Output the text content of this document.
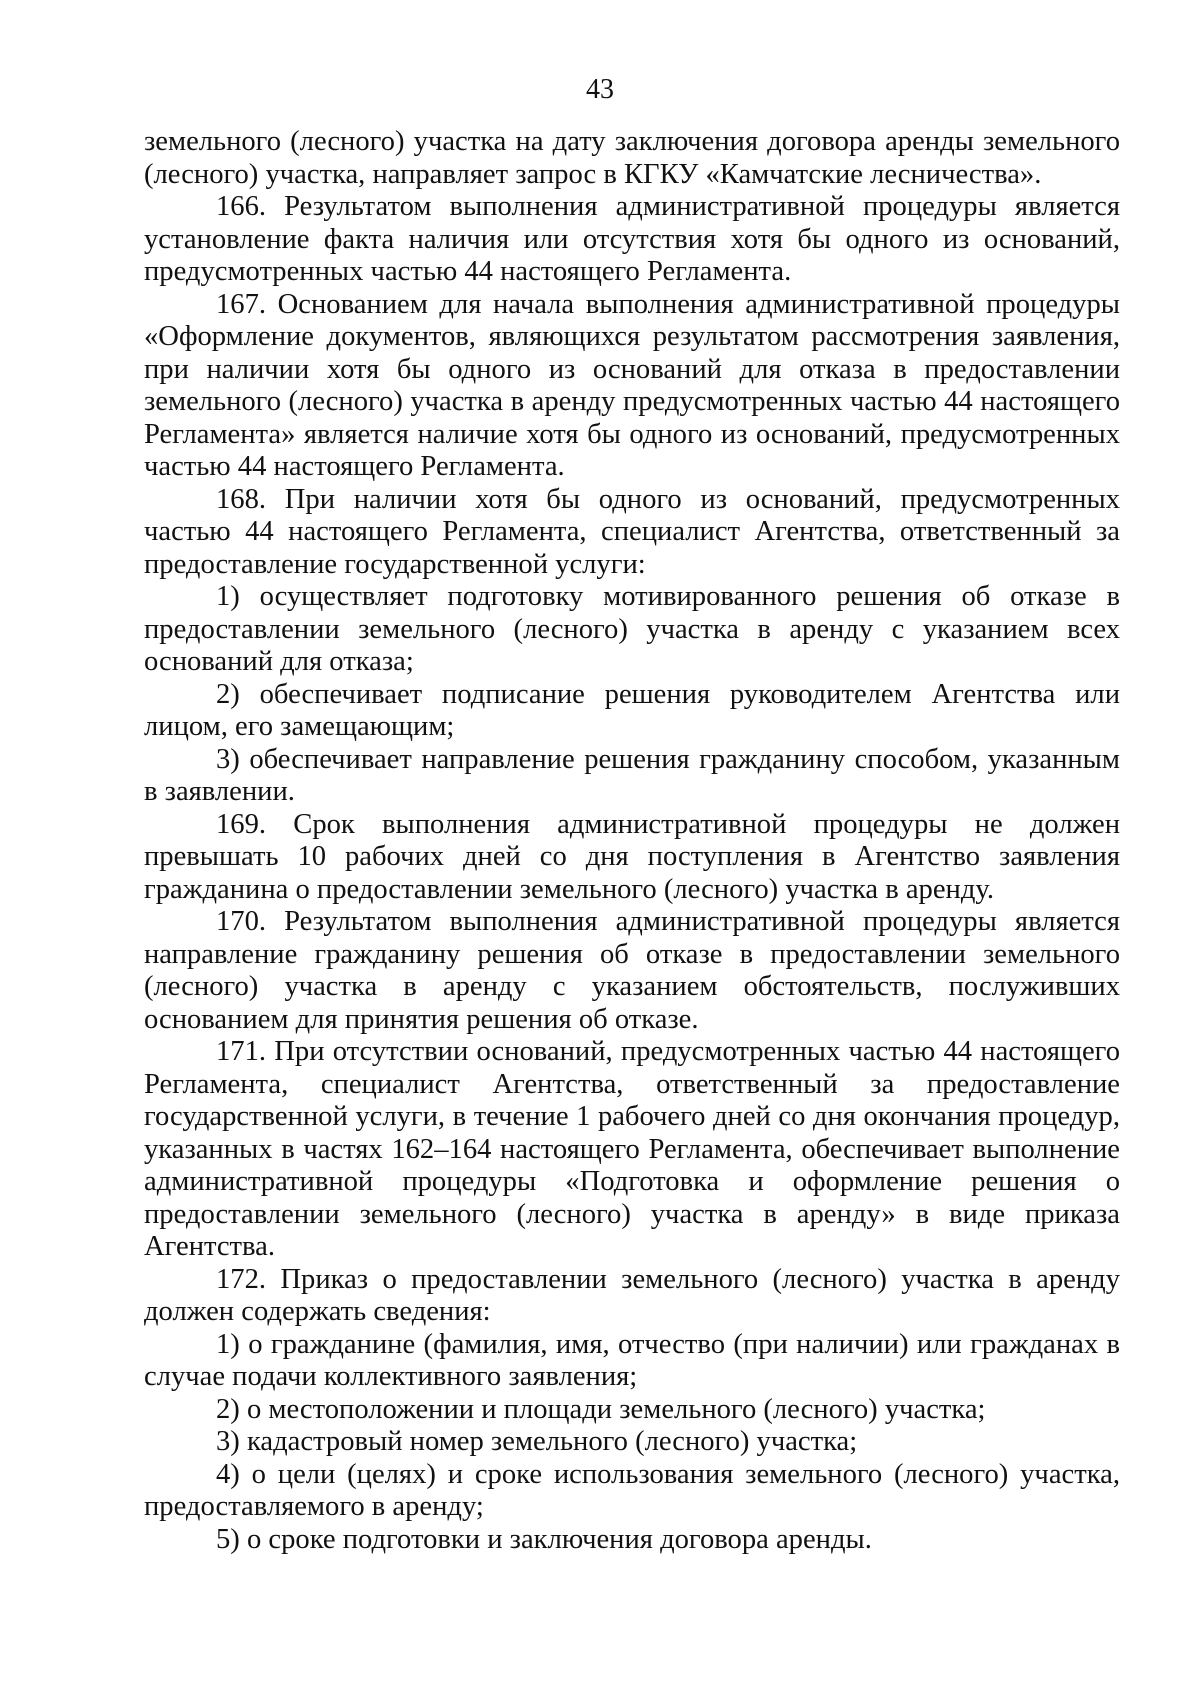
43

земельного (лесного) участка на дату заключения договора аренды земельного (лесного) участка, направляет запрос в КГКУ «Камчатские лесничества».

166. Результатом выполнения административной процедуры является установление факта наличия или отсутствия хотя бы одного из оснований, предусмотренных частью 44 настоящего Регламента.

167. Основанием для начала выполнения административной процедуры «Оформление документов, являющихся результатом рассмотрения заявления, при наличии хотя бы одного из оснований для отказа в предоставлении земельного (лесного) участка в аренду предусмотренных частью 44 настоящего Регламента» является наличие хотя бы одного из оснований, предусмотренных частью 44 настоящего Регламента.

168. При наличии хотя бы одного из оснований, предусмотренных частью 44 настоящего Регламента, специалист Агентства, ответственный за предоставление государственной услуги:

1) осуществляет подготовку мотивированного решения об отказе в предоставлении земельного (лесного) участка в аренду с указанием всех оснований для отказа;

2) обеспечивает подписание решения руководителем Агентства или лицом, его замещающим;

3) обеспечивает направление решения гражданину способом, указанным в заявлении.

169. Срок выполнения административной процедуры не должен превышать 10 рабочих дней со дня поступления в Агентство заявления гражданина о предоставлении земельного (лесного) участка в аренду.

170. Результатом выполнения административной процедуры является направление гражданину решения об отказе в предоставлении земельного (лесного) участка в аренду с указанием обстоятельств, послуживших основанием для принятия решения об отказе.

171. При отсутствии оснований, предусмотренных частью 44 настоящего Регламента, специалист Агентства, ответственный за предоставление государственной услуги, в течение 1 рабочего дней со дня окончания процедур, указанных в частях 162–164 настоящего Регламента, обеспечивает выполнение административной процедуры «Подготовка и оформление решения о предоставлении земельного (лесного) участка в аренду» в виде приказа Агентства.

172. Приказ о предоставлении земельного (лесного) участка в аренду должен содержать сведения:

1) о гражданине (фамилия, имя, отчество (при наличии) или гражданах в случае подачи коллективного заявления;

2) о местоположении и площади земельного (лесного) участка;

3) кадастровый номер земельного (лесного) участка;

4) о цели (целях) и сроке использования земельного (лесного) участка, предоставляемого в аренду;

5) о сроке подготовки и заключения договора аренды.
